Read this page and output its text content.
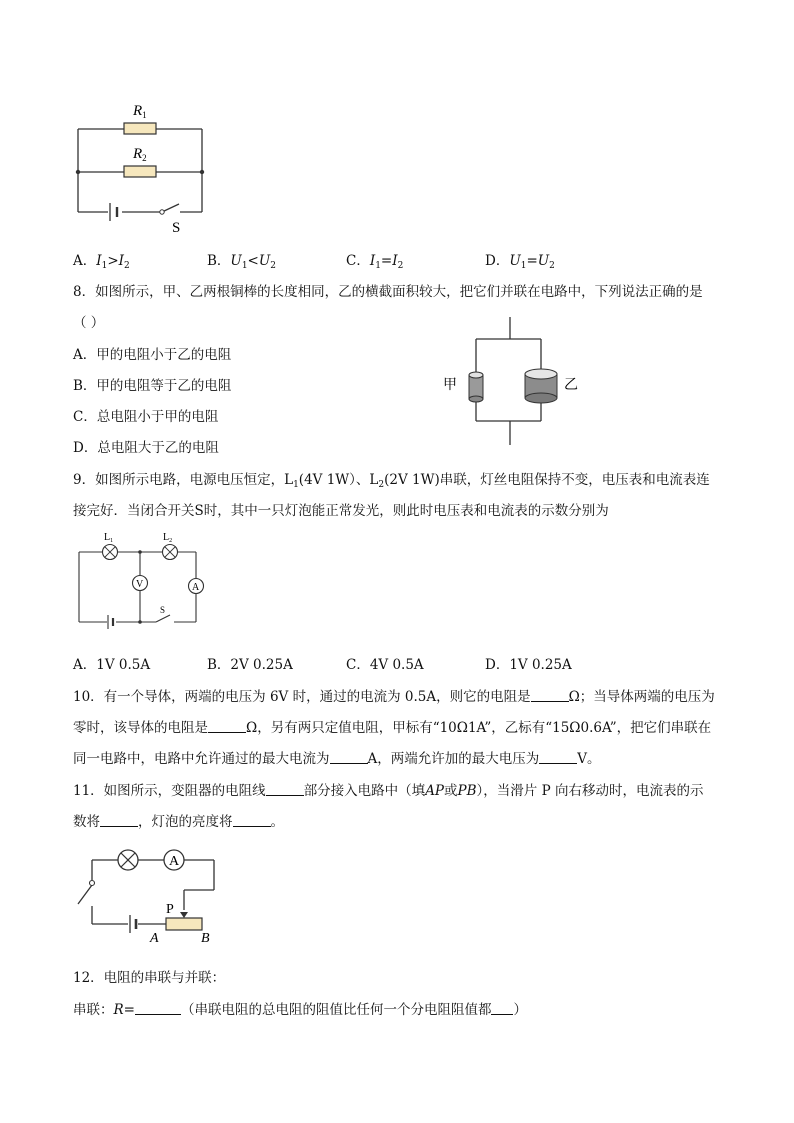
$R_1$
$R_2$
S
A．$I_1>I_2$	B．$U_1<U_2$	C．$I_1=I_2$	D．$U_1=U_2$
8．如图所示，甲、乙两根铜棒的长度相同，乙的横截面积较大，把它们并联在电路中，下列说法正确的是
（ ）
A．甲的电阻小于乙的电阻
B．甲的电阻等于乙的电阻
C．总电阻小于甲的电阻
D．总电阻大于乙的电阻
甲	乙
9．如图所示电路，电源电压恒定，$L_1(4V$ 1W）、$L_2(2V$ 1W)串联，灯丝电阻保持不变，电压表和电流表连
接完好．当闭合开关S时，其中一只灯泡能正常发光，则此时电压表和电流表的示数分别为
V	A
$L_1$	$L_2$
S
A．1V 0.5A	B．2V 0.25A	C．4V 0.5A	D．1V 0.25A
10．有一个导体，两端的电压为 6V 时，通过的电流为 0.5A，则它的电阻是	Ω；当导体两端的电压为
零时，该导体的电阻是	Ω，另有两只定值电阻，甲标有“10Ω1A”，乙标有“15Ω0.6A”，把它们串联在
同一电路中，电路中允许通过的最大电流为	A，两端允许加的最大电压为	V。
11．如图所示，变阻器的电阻线	部分接入电路中（填AP或PB），当滑片 P 向右移动时，电流表的示
数将	，灯泡的亮度将	。
A
P
A	B
12．电阻的串联与并联：
串联：R=	（串联电阻的总电阻的阻值比任何一个分电阻阻值都 ）
